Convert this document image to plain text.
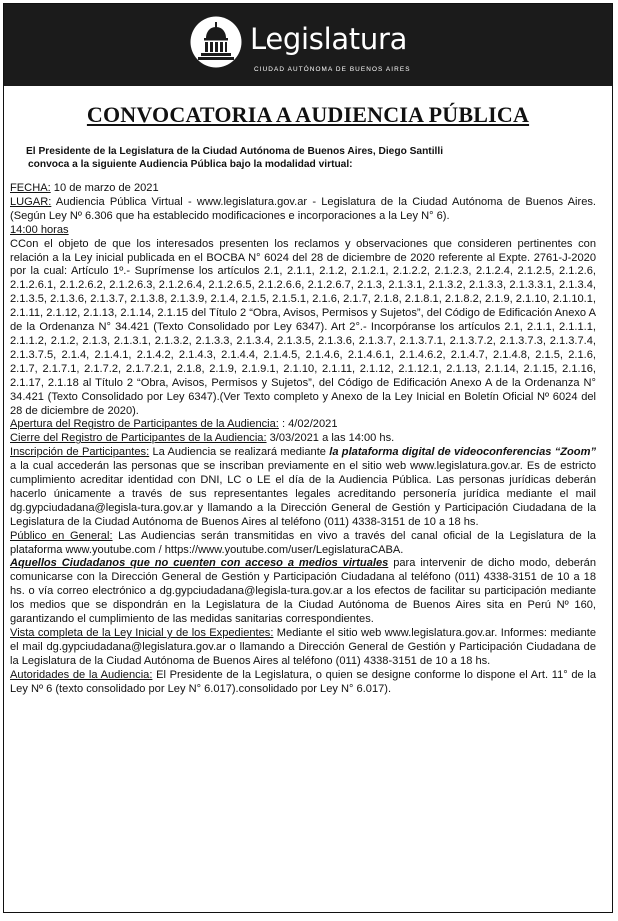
Legislatura
CIUDAD AUTÓNOMA DE BUENOS AIRES
CONVOCATORIA A AUDIENCIA PÚBLICA
El Presidente de la Legislatura de la Ciudad Autónoma de Buenos Aires, Diego Santilli
convoca a la siguiente Audiencia Pública bajo la modalidad virtual:

FECHA: 10 de marzo de 2021

LUGAR: Audiencia Pública Virtual - www.legislatura.gov.ar - Legislatura de la Ciudad Autónoma de Buenos Aires. (Según Ley Nº 6.306 que ha establecido modificaciones e incorporaciones a la Ley N° 6).

14:00 horas

CCon el objeto de que los interesados presenten los reclamos y observaciones que consideren pertinentes con relación a la Ley inicial publicada en el BOCBA N° 6024 del 28 de diciembre de 2020 referente al Expte. 2761-J-2020 por la cual: Artículo 1º.- Suprímense los artículos 2.1, 2.1.1, 2.1.2, 2.1.2.1, 2.1.2.2, 2.1.2.3, 2.1.2.4, 2.1.2.5, 2.1.2.6, 2.1.2.6.1, 2.1.2.6.2, 2.1.2.6.3, 2.1.2.6.4, 2.1.2.6.5, 2.1.2.6.6, 2.1.2.6.7, 2.1.3, 2.1.3.1, 2.1.3.2, 2.1.3.3, 2.1.3.3.1, 2.1.3.4, 2.1.3.5, 2.1.3.6, 2.1.3.7, 2.1.3.8, 2.1.3.9, 2.1.4, 2.1.5, 2.1.5.1, 2.1.6, 2.1.7, 2.1.8, 2.1.8.1, 2.1.8.2, 2.1.9, 2.1.10, 2.1.10.1, 2.1.11, 2.1.12, 2.1.13, 2.1.14, 2.1.15 del Título 2 “Obra, Avisos, Permisos y Sujetos”, del Código de Edificación Anexo A de la Ordenanza N° 34.421 (Texto Consolidado por Ley 6347). Art 2°.- Incorpóranse los artículos 2.1, 2.1.1, 2.1.1.1, 2.1.1.2, 2.1.2, 2.1.3, 2.1.3.1, 2.1.3.2, 2.1.3.3, 2.1.3.4, 2.1.3.5, 2.1.3.6, 2.1.3.7, 2.1.3.7.1, 2.1.3.7.2, 2.1.3.7.3, 2.1.3.7.4, 2.1.3.7.5, 2.1.4, 2.1.4.1, 2.1.4.2, 2.1.4.3, 2.1.4.4, 2.1.4.5, 2.1.4.6, 2.1.4.6.1, 2.1.4.6.2, 2.1.4.7, 2.1.4.8, 2.1.5, 2.1.6, 2.1.7, 2.1.7.1, 2.1.7.2, 2.1.7.2.1, 2.1.8, 2.1.9, 2.1.9.1, 2.1.10, 2.1.11, 2.1.12, 2.1.12.1, 2.1.13, 2.1.14, 2.1.15, 2.1.16, 2.1.17, 2.1.18 al Título 2 “Obra, Avisos, Permisos y Sujetos”, del Código de Edificación Anexo A de la Ordenanza N° 34.421 (Texto Consolidado por Ley 6347).(Ver Texto completo y Anexo de la Ley Inicial en Boletín Oficial Nº 6024 del 28 de diciembre de 2020).

Apertura del Registro de Participantes de la Audiencia: : 4/02/2021

Cierre del Registro de Participantes de la Audiencia: 3/03/2021 a las 14:00 hs.

Inscripción de Participantes: La Audiencia se realizará mediante la plataforma digital de videoconferencias “Zoom” a la cual accederán las personas que se inscriban previamente en el sitio web www.legislatura.gov.ar. Es de estricto cumplimiento acreditar identidad con DNI, LC o LE el día de la Audiencia Pública. Las personas jurídicas deberán hacerlo únicamente a través de sus representantes legales acreditando personería jurídica mediante el mail dg.gypciudadana@legisla-tura.gov.ar y llamando a la Dirección General de Gestión y Participación Ciudadana de la Legislatura de la Ciudad Autónoma de Buenos Aires al teléfono (011) 4338-3151 de 10 a 18 hs.

Público en General: Las Audiencias serán transmitidas en vivo a través del canal oficial de la Legislatura de la plataforma www.youtube.com / https://www.youtube.com/user/LegislaturaCABA.

Aquellos Ciudadanos que no cuenten con acceso a medios virtuales para intervenir de dicho modo, deberán comunicarse con la Dirección General de Gestión y Participación Ciudadana al teléfono (011) 4338-3151 de 10 a 18 hs. o vía correo electrónico a dg.gypciudadana@legisla-tura.gov.ar a los efectos de facilitar su participación mediante los medios que se dispondrán en la Legislatura de la Ciudad Autónoma de Buenos Aires sita en Perú Nº 160, garantizando el cumplimiento de las medidas sanitarias correspondientes.

Vista completa de la Ley Inicial y de los Expedientes: Mediante el sitio web www.legislatura.gov.ar. Informes: mediante el mail dg.gypciudadana@legislatura.gov.ar o llamando a Dirección General de Gestión y Participación Ciudadana de la Legislatura de la Ciudad Autónoma de Buenos Aires al teléfono (011) 4338-3151 de 10 a 18 hs.

Autoridades de la Audiencia: El Presidente de la Legislatura, o quien se designe conforme lo dispone el Art. 11° de la Ley Nº 6 (texto consolidado por Ley N° 6.017).consolidado por Ley N° 6.017).
